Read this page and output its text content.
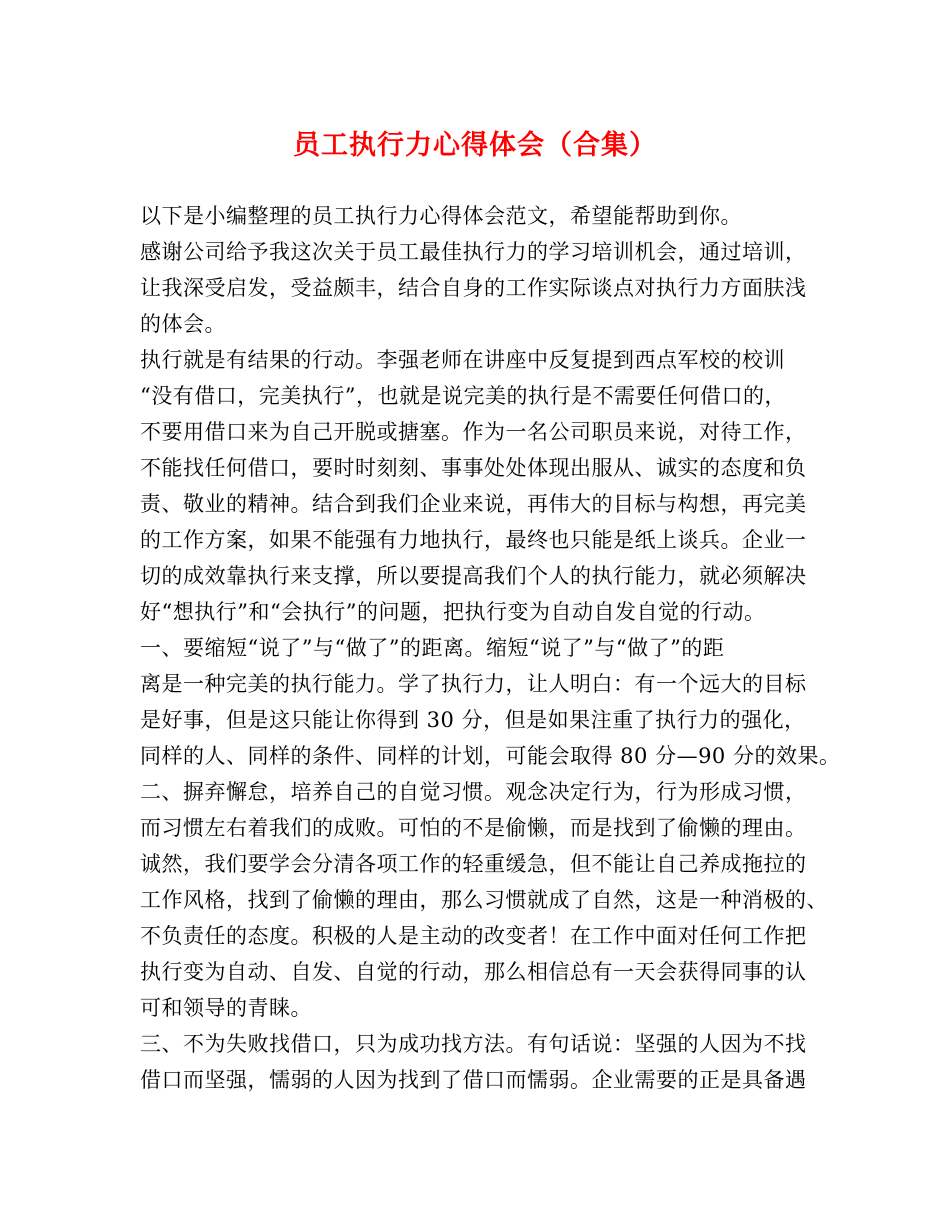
员工执行力心得体会（合集）
以下是小编整理的员工执行力心得体会范文，希望能帮助到你。
感谢公司给予我这次关于员工最佳执行力的学习培训机会，通过培训，
让我深受启发，受益颇丰，结合自身的工作实际谈点对执行力方面肤浅
的体会。
执行就是有结果的行动。李强老师在讲座中反复提到西点军校的校训
“没有借口，完美执行”，也就是说完美的执行是不需要任何借口的，
不要用借口来为自己开脱或搪塞。作为一名公司职员来说，对待工作，
不能找任何借口，要时时刻刻、事事处处体现出服从、诚实的态度和负
责、敬业的精神。结合到我们企业来说，再伟大的目标与构想，再完美
的工作方案，如果不能强有力地执行，最终也只能是纸上谈兵。企业一
切的成效靠执行来支撑，所以要提高我们个人的执行能力，就必须解决
好“想执行”和“会执行”的问题，把执行变为自动自发自觉的行动。
一、要缩短“说了”与“做了”的距离。缩短“说了”与“做了”的距
离是一种完美的执行能力。学了执行力，让人明白：有一个远大的目标
是好事，但是这只能让你得到 30 分，但是如果注重了执行力的强化，
同样的人、同样的条件、同样的计划，可能会取得 80 分—90 分的效果。
二、摒弃懈怠，培养自己的自觉习惯。观念决定行为，行为形成习惯，
而习惯左右着我们的成败。可怕的不是偷懒，而是找到了偷懒的理由。
诚然，我们要学会分清各项工作的轻重缓急，但不能让自己养成拖拉的
工作风格，找到了偷懒的理由，那么习惯就成了自然，这是一种消极的、
不负责任的态度。积极的人是主动的改变者！在工作中面对任何工作把
执行变为自动、自发、自觉的行动，那么相信总有一天会获得同事的认
可和领导的青睐。
三、不为失败找借口，只为成功找方法。有句话说：坚强的人因为不找
借口而坚强，懦弱的人因为找到了借口而懦弱。企业需要的正是具备遇
